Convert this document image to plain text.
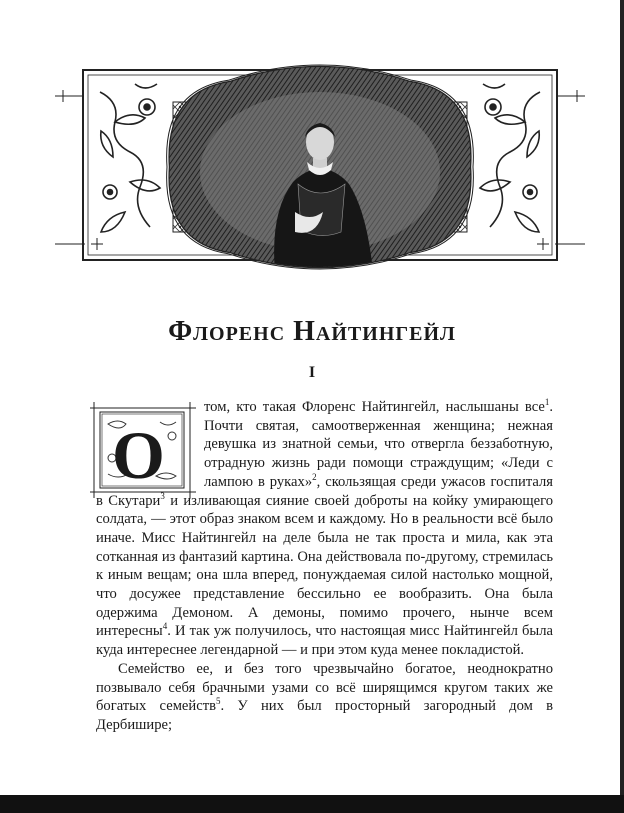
Флоренс Найтингейл
I
О

том, кто такая Флоренс Найтингейл, наслышаны все$^1$. Почти святая, самоотверженная женщина; нежная девушка из знатной семьи, что отвергла беззаботную, отрадную жизнь ради помощи страждущим; «Леди с лампою в руках»$^2$, скользящая среди ужасов госпиталя в Скутари$^3$ и изливающая сияние своей доброты на койку умирающего солдата, — этот образ знаком всем и каждому. Но в реальности всё было иначе. Мисс Найтингейл на деле была не так проста и мила, как эта сотканная из фантазий картина. Она действовала по-другому, стремилась к иным вещам; она шла вперед, понуждаемая силой настолько мощной, что досужее представление бессильно ее вообразить. Она была одержима Демоном. А демоны, помимо прочего, нынче всем интересны$^4$. И так уж получилось, что настоящая мисс Найтингейл была куда интереснее легендарной — и при этом куда менее покладистой.

Семейство ее, и без того чрезвычайно богатое, неоднократно позвывало себя брачными узами со всё ширящимся кругом таких же богатых семейств$^5$. У них был просторный загородный дом в Дербишире;
